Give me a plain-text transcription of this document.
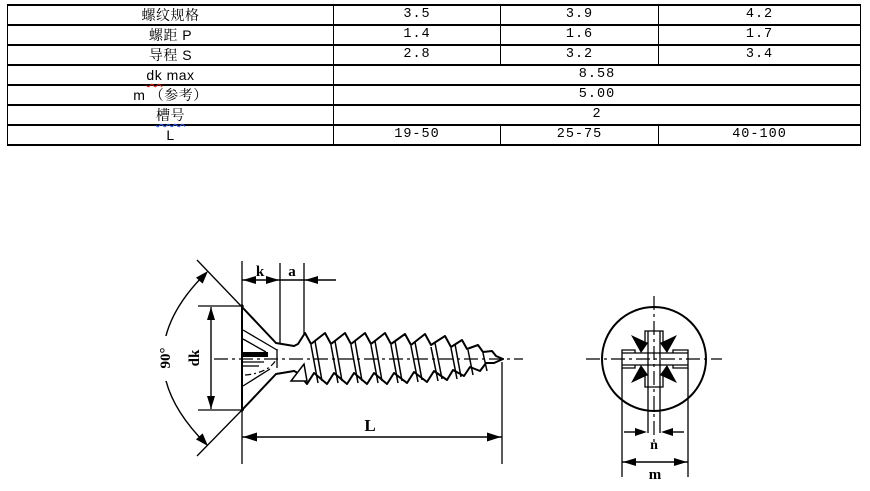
螺纹规格	3.5	3.9	4.2
螺距 P	1.4	1.6	1.7
导程 S	2.8	3.2	3.4
dk max	8.58		
m （参考）	5.00		
槽号	2		
L	19-50	25-75	40-100
90°
k a
dk
L
n
m
